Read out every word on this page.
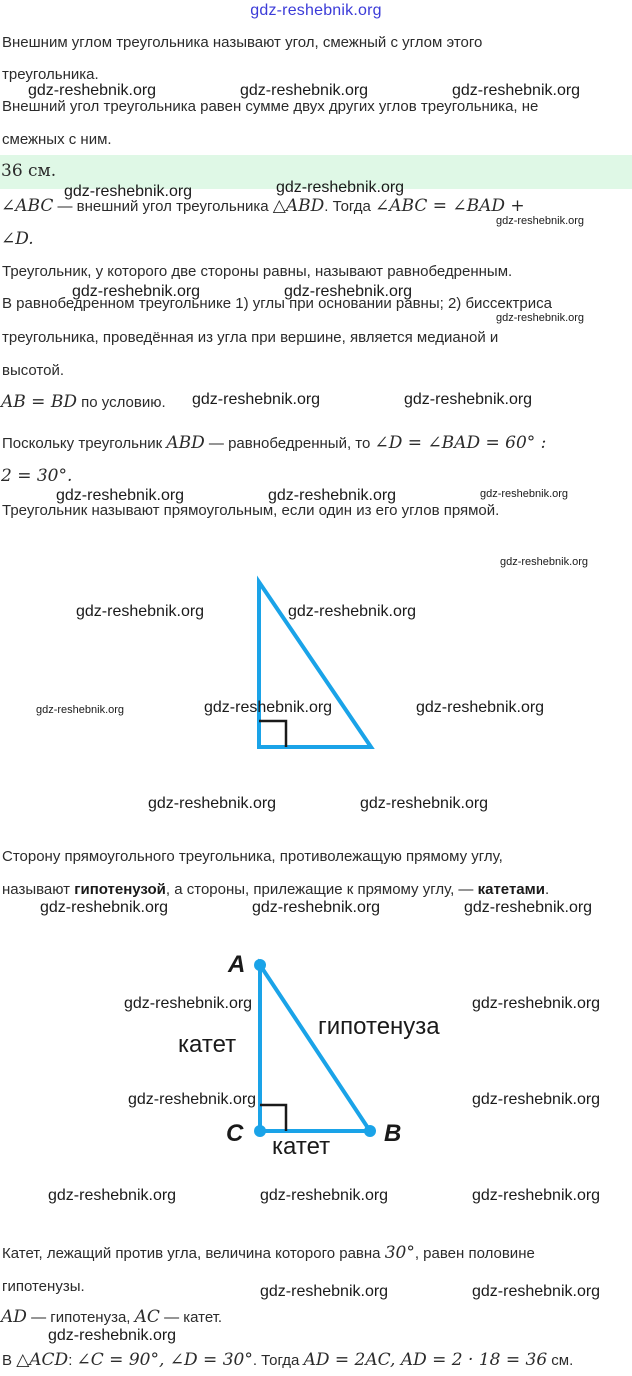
gdz-reshebnik.org
Внешним углом треугольника называют угол, смежный с углом этого
треугольника.
Внешний угол треугольника равен сумме двух других углов треугольника, не
смежных с ним.
36 см.
∠ABC — внешний угол треугольника △ABD. Тогда ∠ABC = ∠BAD +
∠D.
Треугольник, у которого две стороны равны, называют равнобедренным.
В равнобедренном треугольнике 1) углы при основании равны; 2) биссектриса
треугольника, проведённая из угла при вершине, является медианой и
высотой.
AB = BD по условию.
Поскольку треугольник ABD — равнобедренный, то ∠D = ∠BAD = 60° :
2 = 30°.
Треугольник называют прямоугольным, если один из его углов прямой.
Сторону прямоугольного треугольника, противолежащую прямому углу,
называют гипотенузой, а стороны, прилежащие к прямому углу, — катетами.
A
C	B
катет
катет
гипотенуза
Катет, лежащий против угла, величина которого равна 30°, равен половине
гипотенузы.
AD — гипотенуза, AC — катет.
В △ACD: ∠C = 90°, ∠D = 30°. Тогда AD = 2AC, AD = 2 · 18 = 36 см.
gdz-reshebnik.org	gdz-reshebnik.org	gdz-reshebnik.org
gdz-reshebnik.org	gdz-reshebnik.org
gdz-reshebnik.org
gdz-reshebnik.org	gdz-reshebnik.org
gdz-reshebnik.org
gdz-reshebnik.org	gdz-reshebnik.org
gdz-reshebnik.org	gdz-reshebnik.org	gdz-reshebnik.org
gdz-reshebnik.org
gdz-reshebnik.org	gdz-reshebnik.org
gdz-reshebnik.org	gdz-reshebnik.org	gdz-reshebnik.org
gdz-reshebnik.org	gdz-reshebnik.org
gdz-reshebnik.org	gdz-reshebnik.org	gdz-reshebnik.org
gdz-reshebnik.org	gdz-reshebnik.org
gdz-reshebnik.org	gdz-reshebnik.org
gdz-reshebnik.org	gdz-reshebnik.org	gdz-reshebnik.org
gdz-reshebnik.org	gdz-reshebnik.org
gdz-reshebnik.org
